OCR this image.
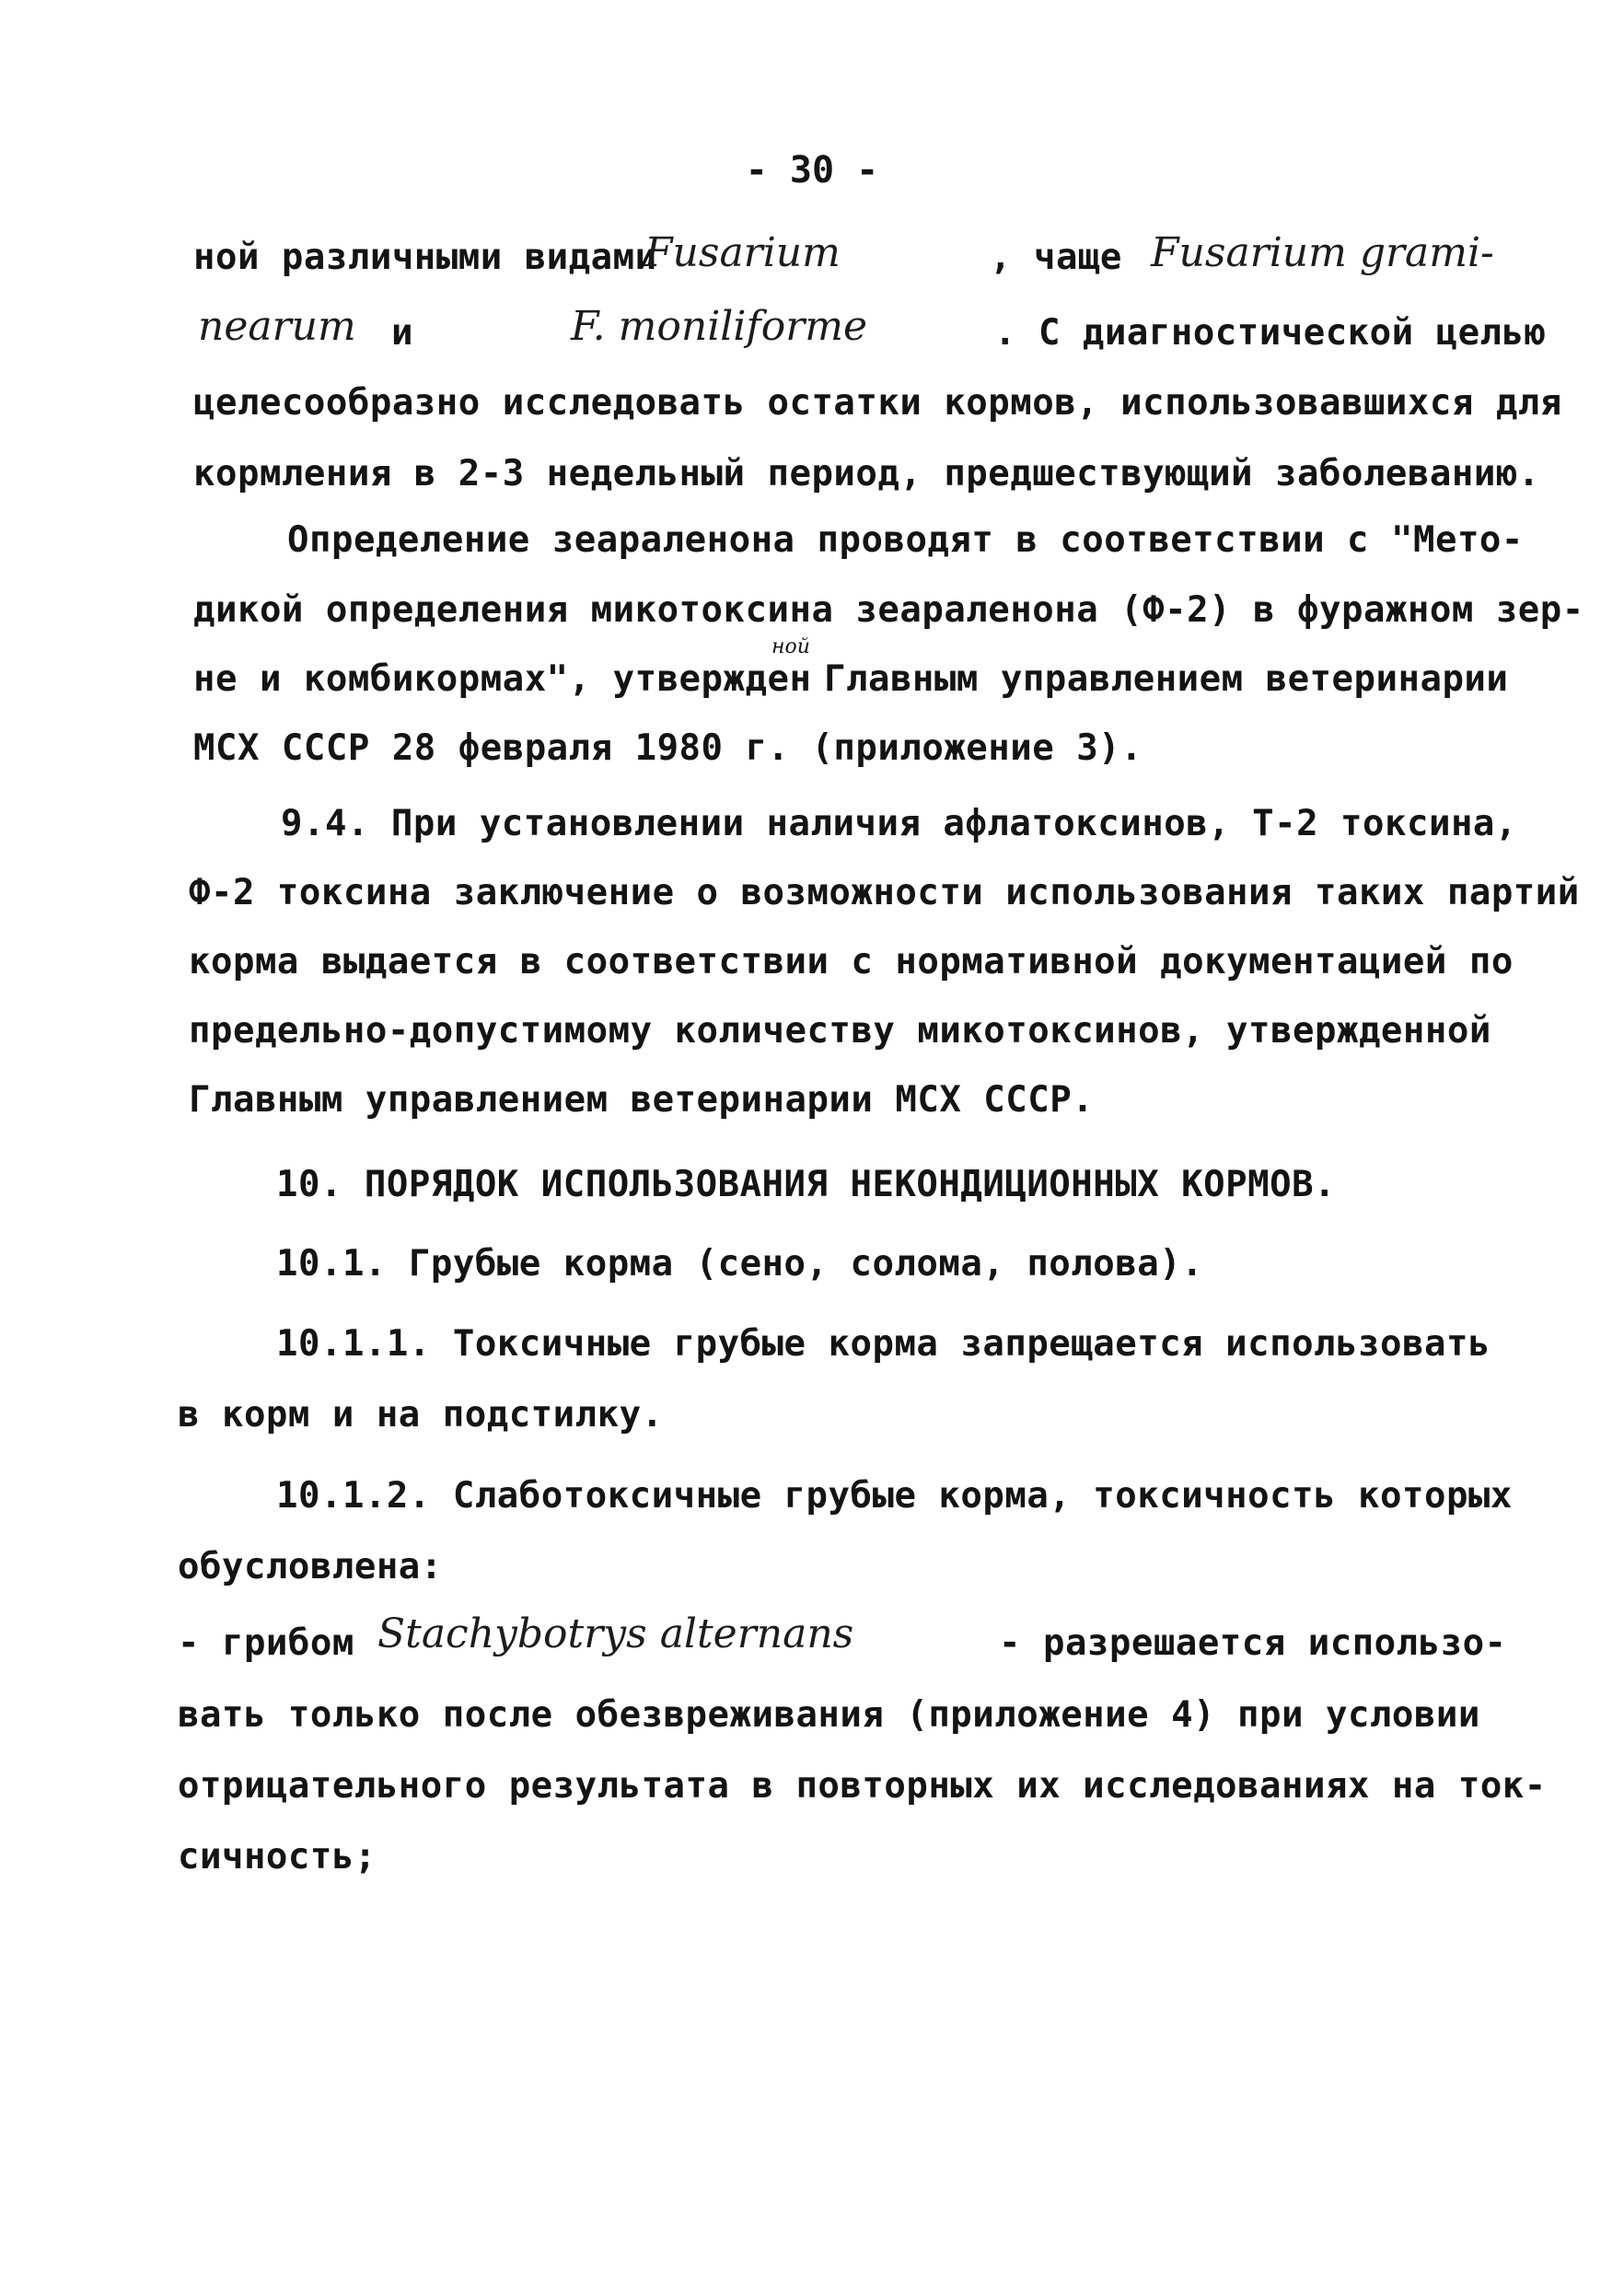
- 30 -
ной различными видами
Fusarium	, чаще Fusarium grami-
nearum и	F. moniliforme	. С диагностической целью
целесообразно исследовать остатки кормов, использовавшихся для
кормления в 2-3 недельный период, предшествующий заболеванию.
Определение зеараленона проводят в соответствии с "Мето-
дикой определения микотоксина зеараленона (Ф-2) в фуражном зер-
не и комбикормах", утвержден
ной
Главным управлением ветеринарии
МСХ СССР 28 февраля 1980 г. (приложение 3).
9.4. При установлении наличия афлатоксинов, Т-2 токсина,
Ф-2 токсина заключение о возможности использования таких партий
корма выдается в соответствии с нормативной документацией по
предельно-допустимому количеству микотоксинов, утвержденной
Главным управлением ветеринарии МСХ СССР.
10. ПОРЯДОК ИСПОЛЬЗОВАНИЯ НЕКОНДИЦИОННЫХ КОРМОВ.
10.1. Грубые корма (сено, солома, полова).
10.1.1. Токсичные грубые корма запрещается использовать
в корм и на подстилку.
10.1.2. Слаботоксичные грубые корма, токсичность которых
обусловлена:
- грибом Stachybotrys alternans	- разрешается использо-
вать только после обезвреживания (приложение 4) при условии
отрицательного результата в повторных их исследованиях на ток-
сичность;
